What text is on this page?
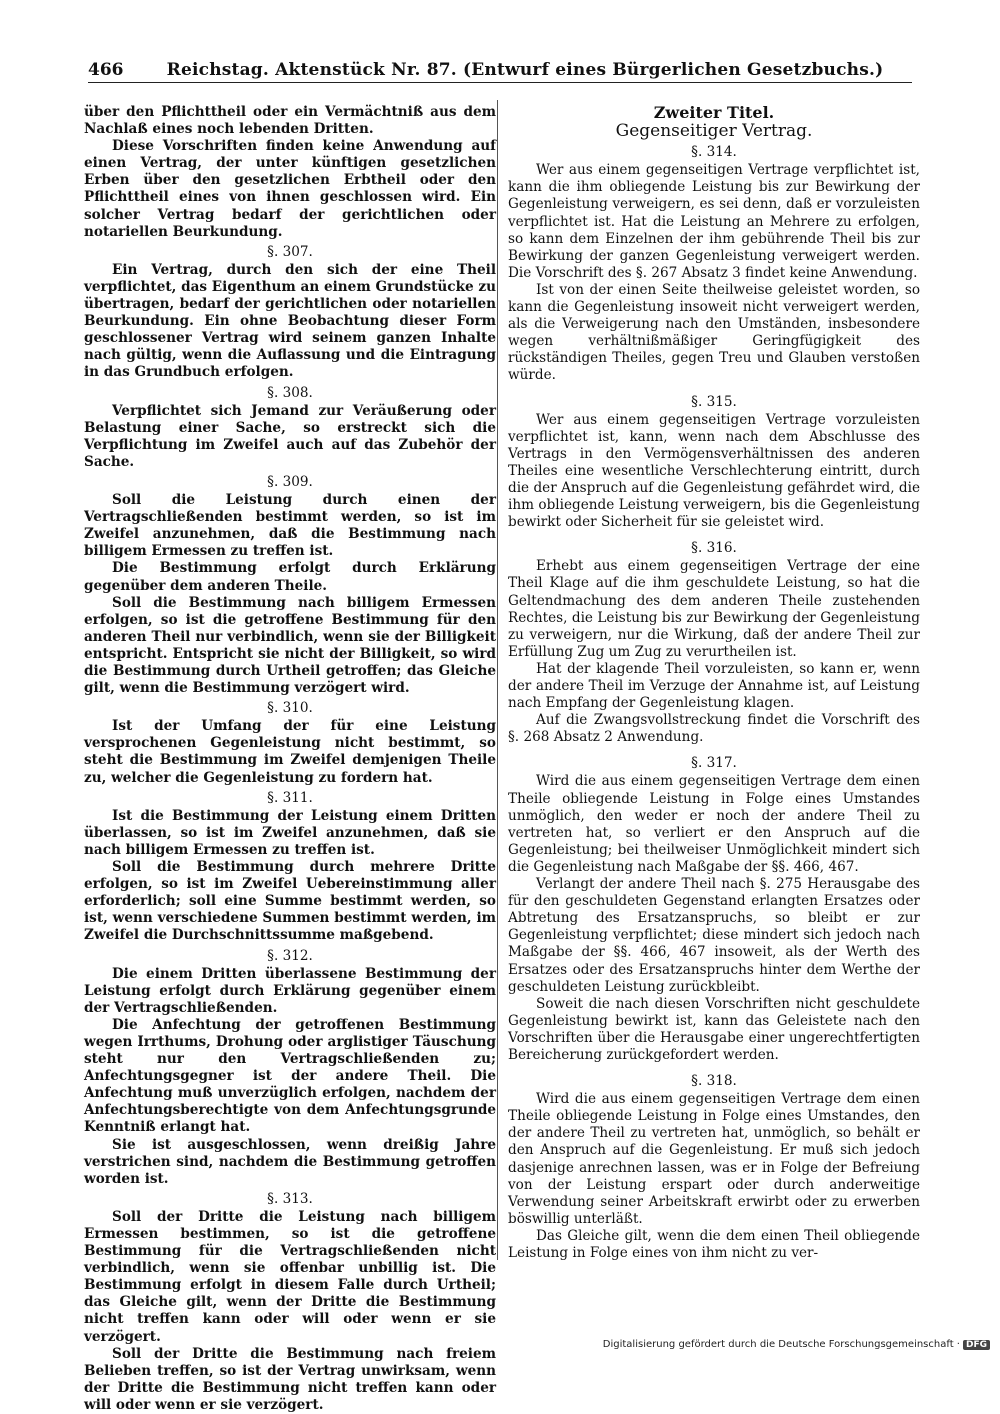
466	Reichstag. Aktenstück Nr. 87. (Entwurf eines Bürgerlichen Gesetzbuchs.)

über den Pflichttheil oder ein Vermächtniß aus dem Nachlaß eines noch lebenden Dritten.

Diese Vorschriften finden keine Anwendung auf einen Vertrag, der unter künftigen gesetzlichen Erben über den gesetzlichen Erbtheil oder den Pflichttheil eines von ihnen geschlossen wird. Ein solcher Vertrag bedarf der gerichtlichen oder notariellen Beurkundung.

§. 307.

Ein Vertrag, durch den sich der eine Theil verpflichtet, das Eigenthum an einem Grundstücke zu übertragen, bedarf der gerichtlichen oder notariellen Beurkundung. Ein ohne Beobachtung dieser Form geschlossener Vertrag wird seinem ganzen Inhalte nach gültig, wenn die Auflassung und die Eintragung in das Grundbuch erfolgen.

§. 308.

Verpflichtet sich Jemand zur Veräußerung oder Belastung einer Sache, so erstreckt sich die Verpflichtung im Zweifel auch auf das Zubehör der Sache.

§. 309.

Soll die Leistung durch einen der Vertragschließenden bestimmt werden, so ist im Zweifel anzunehmen, daß die Bestimmung nach billigem Ermessen zu treffen ist.

Die Bestimmung erfolgt durch Erklärung gegenüber dem anderen Theile.

Soll die Bestimmung nach billigem Ermessen erfolgen, so ist die getroffene Bestimmung für den anderen Theil nur verbindlich, wenn sie der Billigkeit entspricht. Entspricht sie nicht der Billigkeit, so wird die Bestimmung durch Urtheil getroffen; das Gleiche gilt, wenn die Bestimmung verzögert wird.

§. 310.

Ist der Umfang der für eine Leistung versprochenen Gegenleistung nicht bestimmt, so steht die Bestimmung im Zweifel demjenigen Theile zu, welcher die Gegenleistung zu fordern hat.

§. 311.

Ist die Bestimmung der Leistung einem Dritten überlassen, so ist im Zweifel anzunehmen, daß sie nach billigem Ermessen zu treffen ist.

Soll die Bestimmung durch mehrere Dritte erfolgen, so ist im Zweifel Uebereinstimmung aller erforderlich; soll eine Summe bestimmt werden, so ist, wenn verschiedene Summen bestimmt werden, im Zweifel die Durchschnittssumme maßgebend.

§. 312.

Die einem Dritten überlassene Bestimmung der Leistung erfolgt durch Erklärung gegenüber einem der Vertragschließenden.

Die Anfechtung der getroffenen Bestimmung wegen Irrthums, Drohung oder arglistiger Täuschung steht nur den Vertragschließenden zu; Anfechtungsgegner ist der andere Theil. Die Anfechtung muß unverzüglich erfolgen, nachdem der Anfechtungsberechtigte von dem Anfechtungsgrunde Kenntniß erlangt hat.

Sie ist ausgeschlossen, wenn dreißig Jahre verstrichen sind, nachdem die Bestimmung getroffen worden ist.

§. 313.

Soll der Dritte die Leistung nach billigem Ermessen bestimmen, so ist die getroffene Bestimmung für die Vertragschließenden nicht verbindlich, wenn sie offenbar unbillig ist. Die Bestimmung erfolgt in diesem Falle durch Urtheil; das Gleiche gilt, wenn der Dritte die Bestimmung nicht treffen kann oder will oder wenn er sie verzögert.

Soll der Dritte die Bestimmung nach freiem Belieben treffen, so ist der Vertrag unwirksam, wenn der Dritte die Bestimmung nicht treffen kann oder will oder wenn er sie verzögert.

Zweiter Titel.
Gegenseitiger Vertrag.
§. 314.

Wer aus einem gegenseitigen Vertrage verpflichtet ist, kann die ihm obliegende Leistung bis zur Bewirkung der Gegenleistung verweigern, es sei denn, daß er vorzuleisten verpflichtet ist. Hat die Leistung an Mehrere zu erfolgen, so kann dem Einzelnen der ihm gebührende Theil bis zur Bewirkung der ganzen Gegenleistung verweigert werden. Die Vorschrift des §. 267 Absatz 3 findet keine Anwendung.

Ist von der einen Seite theilweise geleistet worden, so kann die Gegenleistung insoweit nicht verweigert werden, als die Verweigerung nach den Umständen, insbesondere wegen verhältnißmäßiger Geringfügigkeit des rückständigen Theiles, gegen Treu und Glauben verstoßen würde.

§. 315.

Wer aus einem gegenseitigen Vertrage vorzuleisten verpflichtet ist, kann, wenn nach dem Abschlusse des Vertrags in den Vermögensverhältnissen des anderen Theiles eine wesentliche Verschlechterung eintritt, durch die der Anspruch auf die Gegenleistung gefährdet wird, die ihm obliegende Leistung verweigern, bis die Gegenleistung bewirkt oder Sicherheit für sie geleistet wird.

§. 316.

Erhebt aus einem gegenseitigen Vertrage der eine Theil Klage auf die ihm geschuldete Leistung, so hat die Geltendmachung des dem anderen Theile zustehenden Rechtes, die Leistung bis zur Bewirkung der Gegenleistung zu verweigern, nur die Wirkung, daß der andere Theil zur Erfüllung Zug um Zug zu verurtheilen ist.

Hat der klagende Theil vorzuleisten, so kann er, wenn der andere Theil im Verzuge der Annahme ist, auf Leistung nach Empfang der Gegenleistung klagen.

Auf die Zwangsvollstreckung findet die Vorschrift des §. 268 Absatz 2 Anwendung.

§. 317.

Wird die aus einem gegenseitigen Vertrage dem einen Theile obliegende Leistung in Folge eines Umstandes unmöglich, den weder er noch der andere Theil zu vertreten hat, so verliert er den Anspruch auf die Gegenleistung; bei theilweiser Unmöglichkeit mindert sich die Gegenleistung nach Maßgabe der §§. 466, 467.

Verlangt der andere Theil nach §. 275 Herausgabe des für den geschuldeten Gegenstand erlangten Ersatzes oder Abtretung des Ersatzanspruchs, so bleibt er zur Gegenleistung verpflichtet; diese mindert sich jedoch nach Maßgabe der §§. 466, 467 insoweit, als der Werth des Ersatzes oder des Ersatzanspruchs hinter dem Werthe der geschuldeten Leistung zurückbleibt.

Soweit die nach diesen Vorschriften nicht geschuldete Gegenleistung bewirkt ist, kann das Geleistete nach den Vorschriften über die Herausgabe einer ungerechtfertigten Bereicherung zurückgefordert werden.

§. 318.

Wird die aus einem gegenseitigen Vertrage dem einen Theile obliegende Leistung in Folge eines Umstandes, den der andere Theil zu vertreten hat, unmöglich, so behält er den Anspruch auf die Gegenleistung. Er muß sich jedoch dasjenige anrechnen lassen, was er in Folge der Befreiung von der Leistung erspart oder durch anderweitige Verwendung seiner Arbeitskraft erwirbt oder zu erwerben böswillig unterläßt.

Das Gleiche gilt, wenn die dem einen Theil obliegende Leistung in Folge eines von ihm nicht zu ver-

Digitalisierung gefördert durch die Deutsche Forschungsgemeinschaft · DFG
